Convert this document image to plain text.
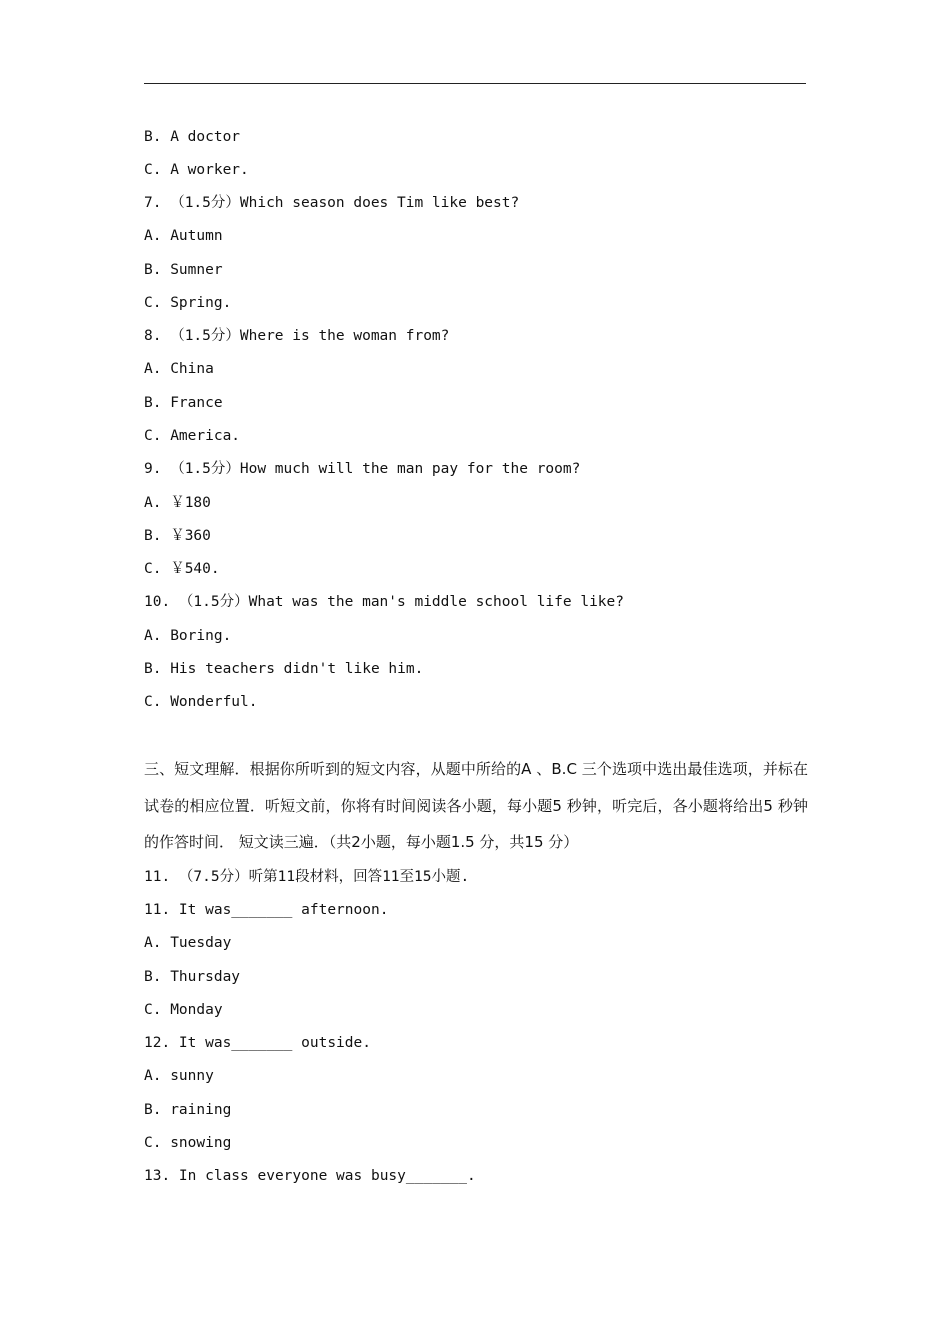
B. A doctor
C. A worker.
7. （1.5分）Which season does Tim like best?
A. Autumn
B. Sumner
C. Spring.
8. （1.5分）Where is the woman from?
A. China
B. France
C. America.
9. （1.5分）How much will the man pay for the room?
A. ￥180
B. ￥360
C. ￥540.
10. （1.5分）What was the man's middle school life like?
A. Boring.
B. His teachers didn't like him.
C. Wonderful.
三、短文理解．根据你所听到的短文内容，从题中所给的A 、B.C 三个选项中选出最佳选项，并标在试卷的相应位置．听短文前，你将有时间阅读各小题，每小题5 秒钟，听完后，各小题将给出5 秒钟的作答时间． 短文读三遍．（共2小题，每小题1.5 分，共15 分）
11. （7.5分）听第11段材料，回答11至15小题.
11. It was_______ afternoon.
A. Tuesday
B. Thursday
C. Monday
12. It was_______ outside.
A. sunny
B. raining
C. snowing
13. In class everyone was busy_______.
